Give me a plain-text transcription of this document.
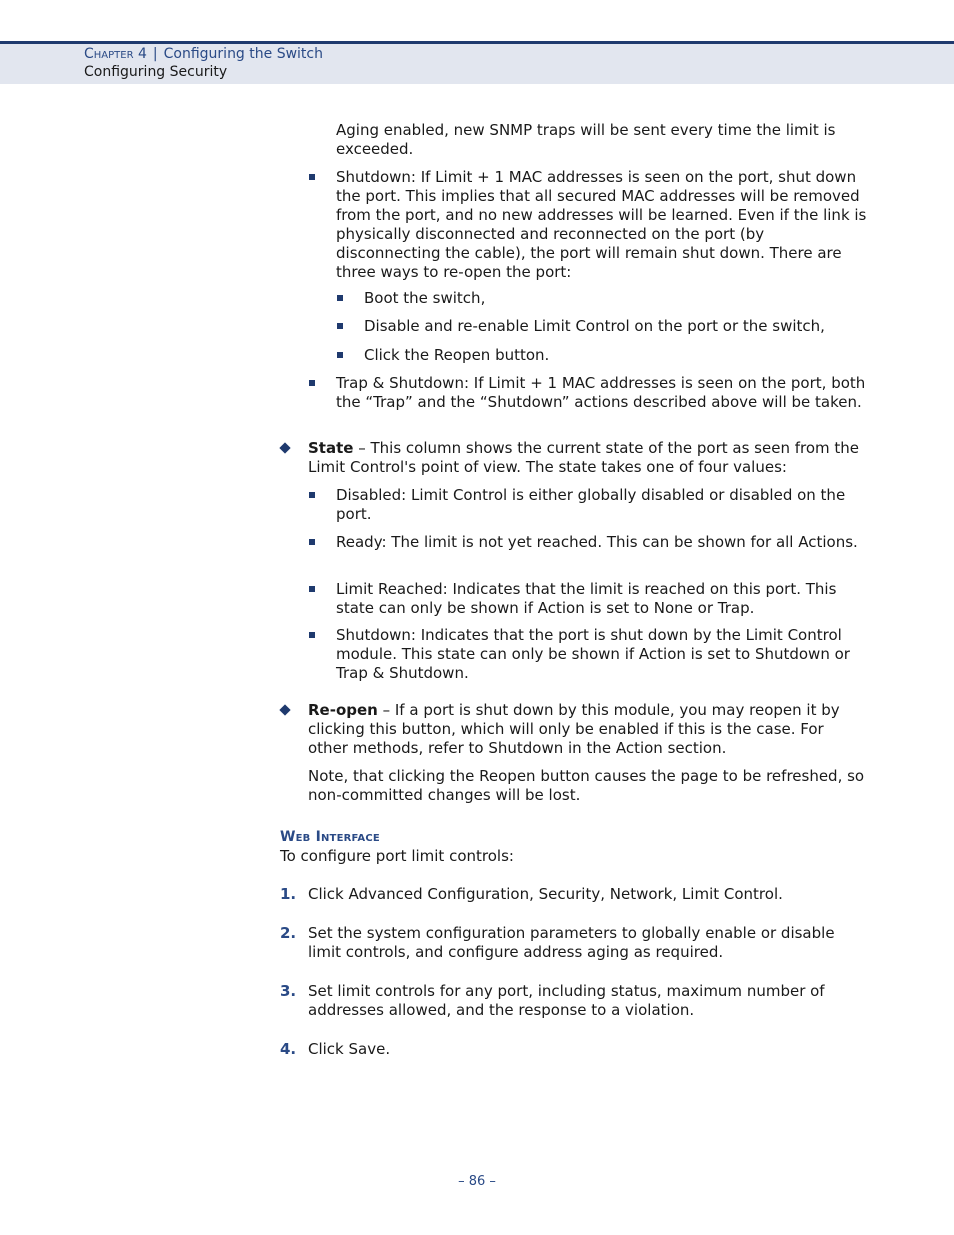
Chapter 4 | Configuring the Switch
Configuring Security

Aging enabled, new SNMP traps will be sent every time the limit is exceeded.

Shutdown: If Limit + 1 MAC addresses is seen on the port, shut down the port. This implies that all secured MAC addresses will be removed from the port, and no new addresses will be learned. Even if the link is physically disconnected and reconnected on the port (by disconnecting the cable), the port will remain shut down. There are three ways to re-open the port:

Boot the switch,

Disable and re-enable Limit Control on the port or the switch,

Click the Reopen button.

Trap & Shutdown: If Limit + 1 MAC addresses is seen on the port, both the “Trap” and the “Shutdown” actions described above will be taken.

State – This column shows the current state of the port as seen from the Limit Control's point of view. The state takes one of four values:

Disabled: Limit Control is either globally disabled or disabled on the port.

Ready: The limit is not yet reached. This can be shown for all Actions.

Limit Reached: Indicates that the limit is reached on this port. This state can only be shown if Action is set to None or Trap.

Shutdown: Indicates that the port is shut down by the Limit Control module. This state can only be shown if Action is set to Shutdown or Trap & Shutdown.

Re-open – If a port is shut down by this module, you may reopen it by clicking this button, which will only be enabled if this is the case. For other methods, refer to Shutdown in the Action section.

Note, that clicking the Reopen button causes the page to be refreshed, so non-committed changes will be lost.

Web Interface

To configure port limit controls:

1. Click Advanced Configuration, Security, Network, Limit Control.

2. Set the system configuration parameters to globally enable or disable limit controls, and configure address aging as required.

3. Set limit controls for any port, including status, maximum number of addresses allowed, and the response to a violation.

4. Click Save.

– 86 –
